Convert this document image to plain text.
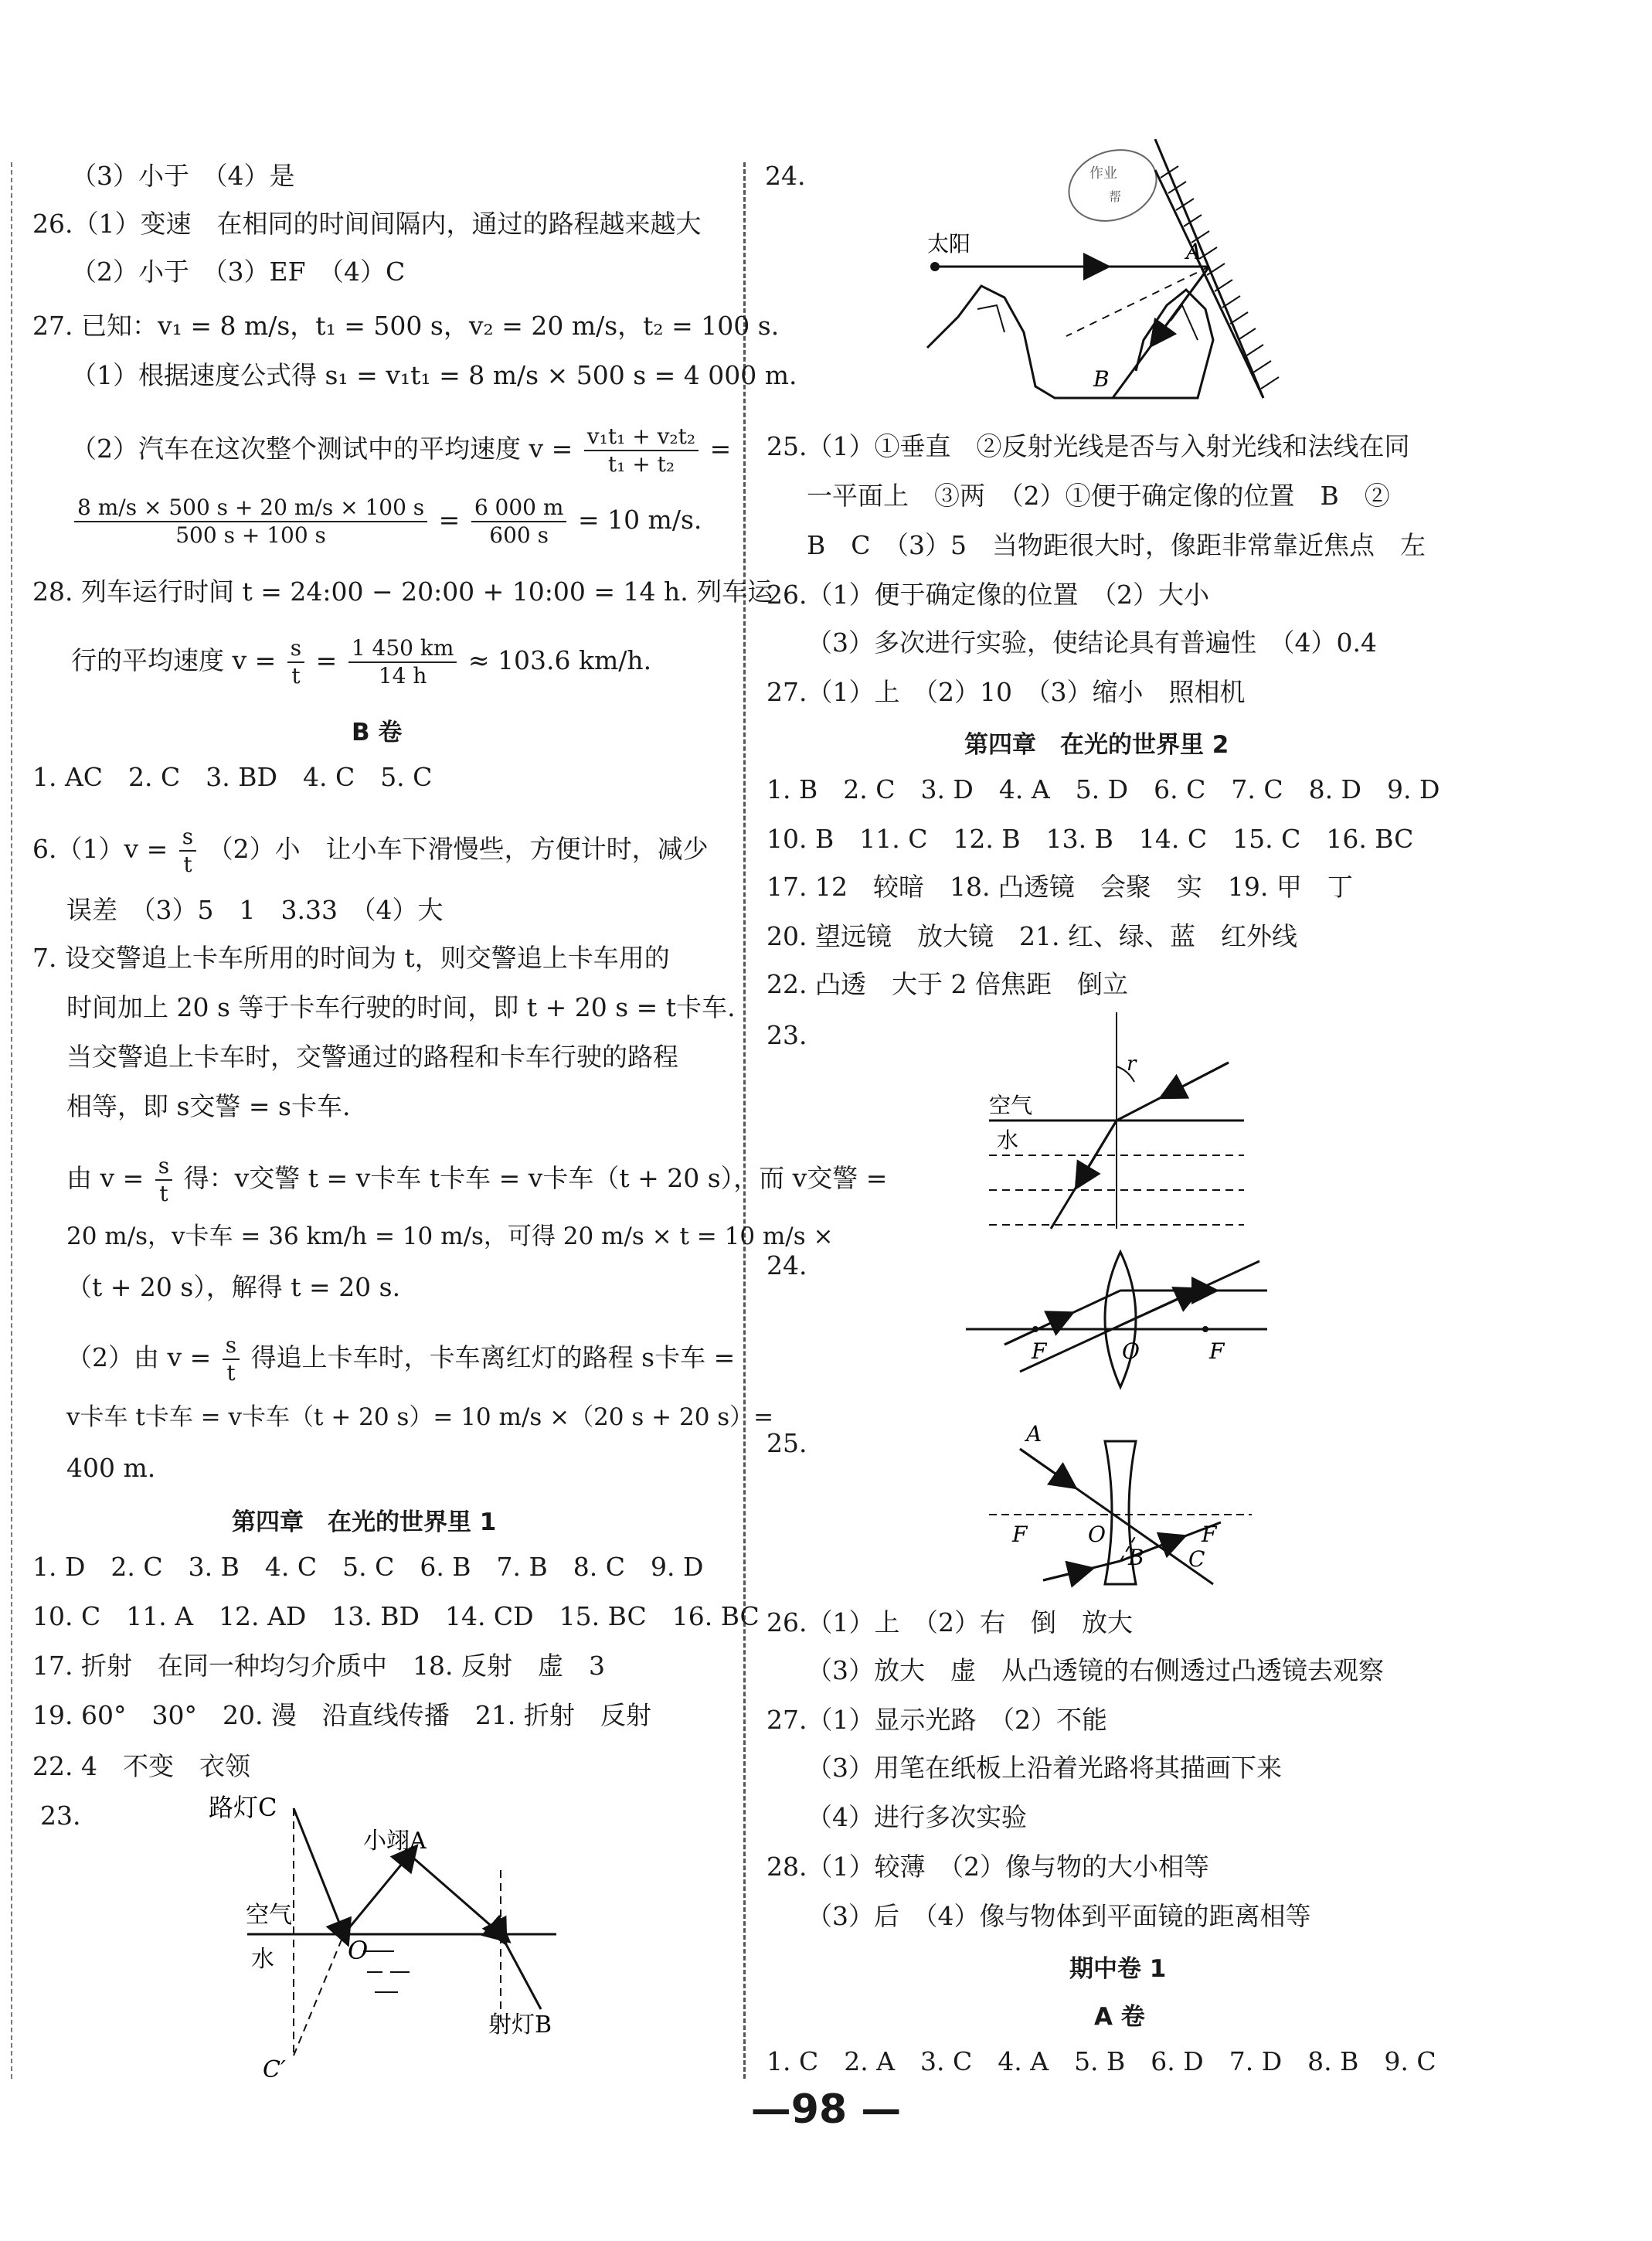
（3）小于　（4）是
26.（1）变速　在相同的时间间隔内，通过的路程越来越大
（2）小于　（3）EF　（4）C
27. 已知：v₁ = 8 m/s，t₁ = 500 s，v₂ = 20 m/s，t₂ = 100 s.
（1）根据速度公式得 s₁ = v₁t₁ = 8 m/s × 500 s = 4 000 m.
（2）汽车在这次整个测试中的平均速度 $v = \frac{\text{v₁t₁ + v₂t₂}}{\text{t₁ + t₂}}$ =
$\frac{8 m/s \times 500 s + 20 m/s \times 100 s}{500 s + 100 s} = \frac{6 000 m}{600 s} = 10$ m/s.
28. 列车运行时间 t = 24:00 − 20:00 + 10:00 = 14 h. 列车运
行的平均速度 $v = \frac{s}{t} = \frac{1 450 km}{14 h} \approx 103.6$ km/h.
B 卷
1. AC　2. C　3. BD　4. C　5. C
$6.(1)v = \frac{s}{t} (2)$小　让小车下滑慢些，方便计时，减少
误差　（3）5　1　3.33　（4）大
7. 设交警追上卡车所用的时间为 t，则交警追上卡车用的
时间加上 20 s 等于卡车行驶的时间，即 t + 20 s = t卡车.
当交警追上卡车时，交警通过的路程和卡车行驶的路程
相等，即 s交警 = s卡车.
由 $v = \frac{s}{t}$ 得：v交警 t = v卡车 t卡车 = v卡车（t + 20 s），而 v交警 =
20 m/s，v卡车 = 36 km/h = 10 m/s，可得 20 m/s × t = 10 m/s ×
（t + 20 s），解得 t = 20 s.
（2）由 $v = \frac{s}{t}$ 得追上卡车时，卡车离红灯的路程 s卡车 =
v卡车 t卡车 = v卡车（t + 20 s）= 10 m/s ×（20 s + 20 s）=
400 m.
第四章　在光的世界里 1
1. D　2. C　3. B　4. C　5. C　6. B　7. B　8. C　9. D
10. C　11. A　12. AD　13. BD　14. CD　15. BC　16. BC
17. 折射　在同一种均匀介质中　18. 反射　虚　3
19. 60°　30°　20. 漫　沿直线传播　21. 折射　反射
22. 4　不变　衣领
23.	路灯C
小翊A
空气
水	O
射灯B
C′
24.	作业
帮
太阳	A
B
25.（1）①垂直　②反射光线是否与入射光线和法线在同
一平面上　③两　（2）①便于确定像的位置　B　②
B　C　（3）5　当物距很大时，像距非常靠近焦点　左
26.（1）便于确定像的位置　（2）大小
（3）多次进行实验，使结论具有普遍性　（4）0.4
27.（1）上　（2）10　（3）缩小　照相机
第四章　在光的世界里 2
1. B　2. C　3. D　4. A　5. D　6. C　7. C　8. D　9. D
10. B　11. C　12. B　13. B　14. C　15. C　16. BC
17. 12　较暗　18. 凸透镜　会聚　实　19. 甲　丁
20. 望远镜　放大镜　21. 红、绿、蓝　红外线
22. 凸透　大于 2 倍焦距　倒立
23.
r
空气
水
24.
F	O	F
25.	A
F	O
B
F
C
26.（1）上　（2）右　倒　放大
（3）放大　虚　从凸透镜的右侧透过凸透镜去观察
27.（1）显示光路　（2）不能
（3）用笔在纸板上沿着光路将其描画下来
（4）进行多次实验
28.（1）较薄　（2）像与物的大小相等
（3）后　（4）像与物体到平面镜的距离相等
期中卷 1
A 卷
1. C　2. A　3. C　4. A　5. B　6. D　7. D　8. B　9. C
—98 —
